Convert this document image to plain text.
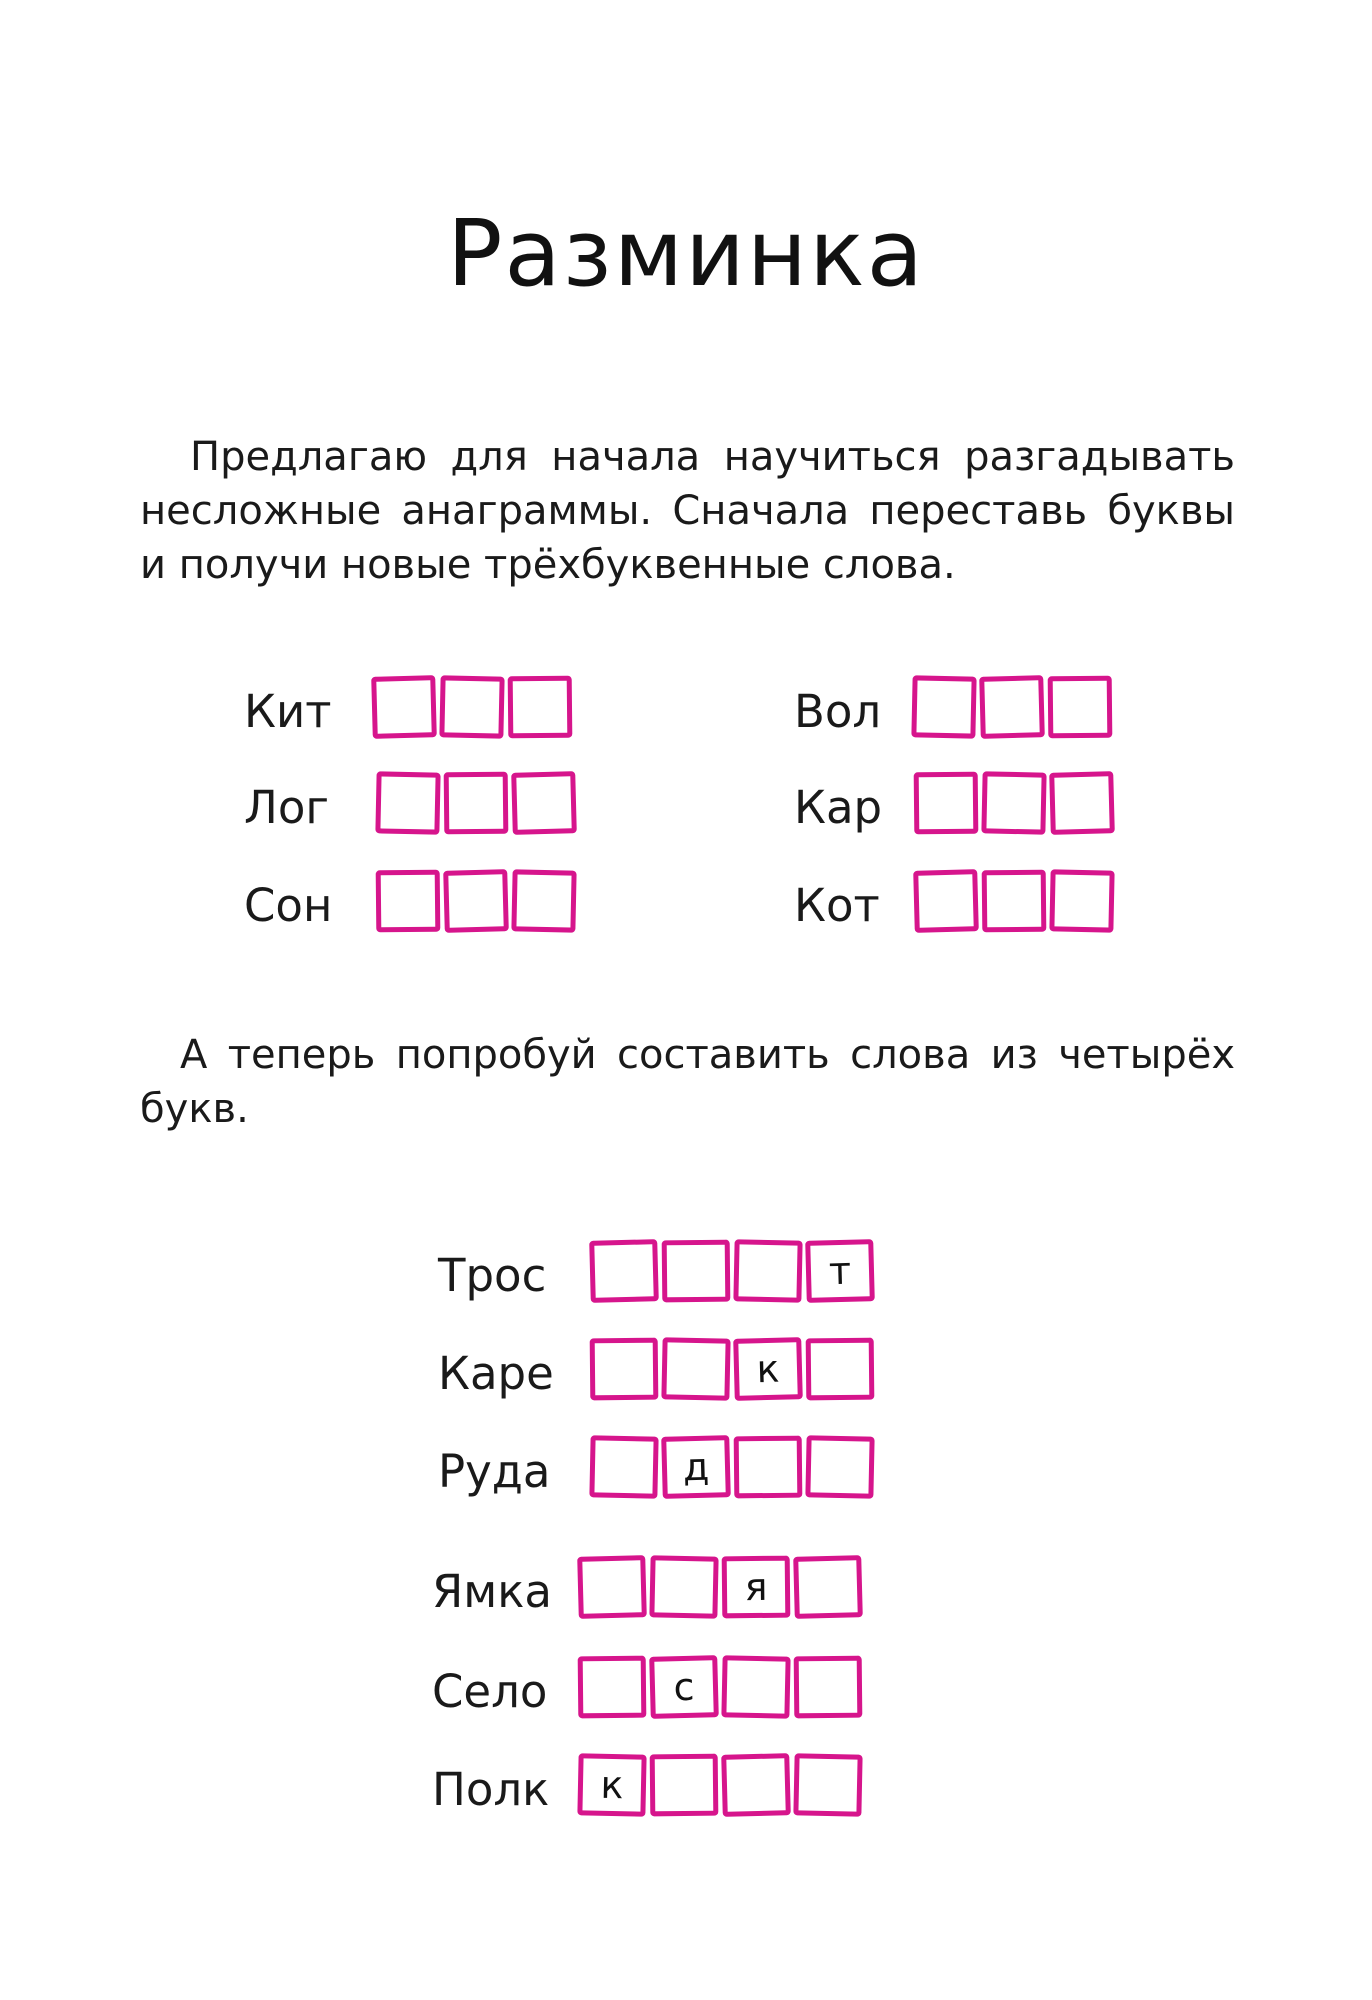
Разминка
Предлагаю для начала научиться разгадывать несложные анаграммы. Сначала переставь буквы и получи новые трёхбуквенные слова.
Кит
Лог
Сон
Вол
Кар
Кот
А теперь попробуй составить слова из четырёх букв.
Трос	т
Каре	к
Руда	д
Ямка	я
Село	с
Полк	к
